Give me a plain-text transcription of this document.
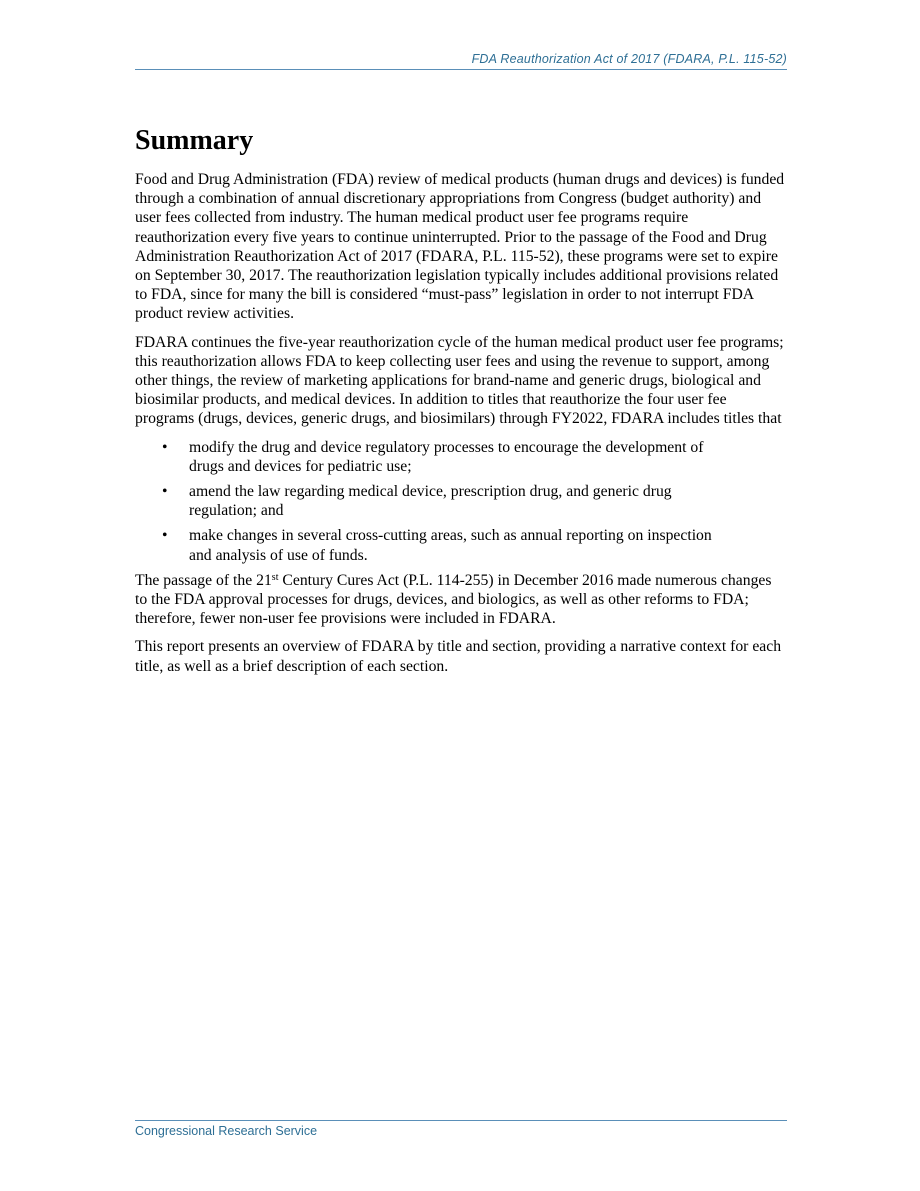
FDA Reauthorization Act of 2017 (FDARA, P.L. 115-52)
Summary

Food and Drug Administration (FDA) review of medical products (human drugs and devices) is funded through a combination of annual discretionary appropriations from Congress (budget authority) and user fees collected from industry. The human medical product user fee programs require reauthorization every five years to continue uninterrupted. Prior to the passage of the Food and Drug Administration Reauthorization Act of 2017 (FDARA, P.L. 115-52), these programs were set to expire on September 30, 2017. The reauthorization legislation typically includes additional provisions related to FDA, since for many the bill is considered “must-pass” legislation in order to not interrupt FDA product review activities.

FDARA continues the five-year reauthorization cycle of the human medical product user fee programs; this reauthorization allows FDA to keep collecting user fees and using the revenue to support, among other things, the review of marketing applications for brand-name and generic drugs, biological and biosimilar products, and medical devices. In addition to titles that reauthorize the four user fee programs (drugs, devices, generic drugs, and biosimilars) through FY2022, FDARA includes titles that

• modify the drug and device regulatory processes to encourage the development of drugs and devices for pediatric use;
• amend the law regarding medical device, prescription drug, and generic drug regulation; and
• make changes in several cross-cutting areas, such as annual reporting on inspection and analysis of use of funds.

The passage of the 21st Century Cures Act (P.L. 114-255) in December 2016 made numerous changes to the FDA approval processes for drugs, devices, and biologics, as well as other reforms to FDA; therefore, fewer non-user fee provisions were included in FDARA.

This report presents an overview of FDARA by title and section, providing a narrative context for each title, as well as a brief description of each section.

Congressional Research Service
